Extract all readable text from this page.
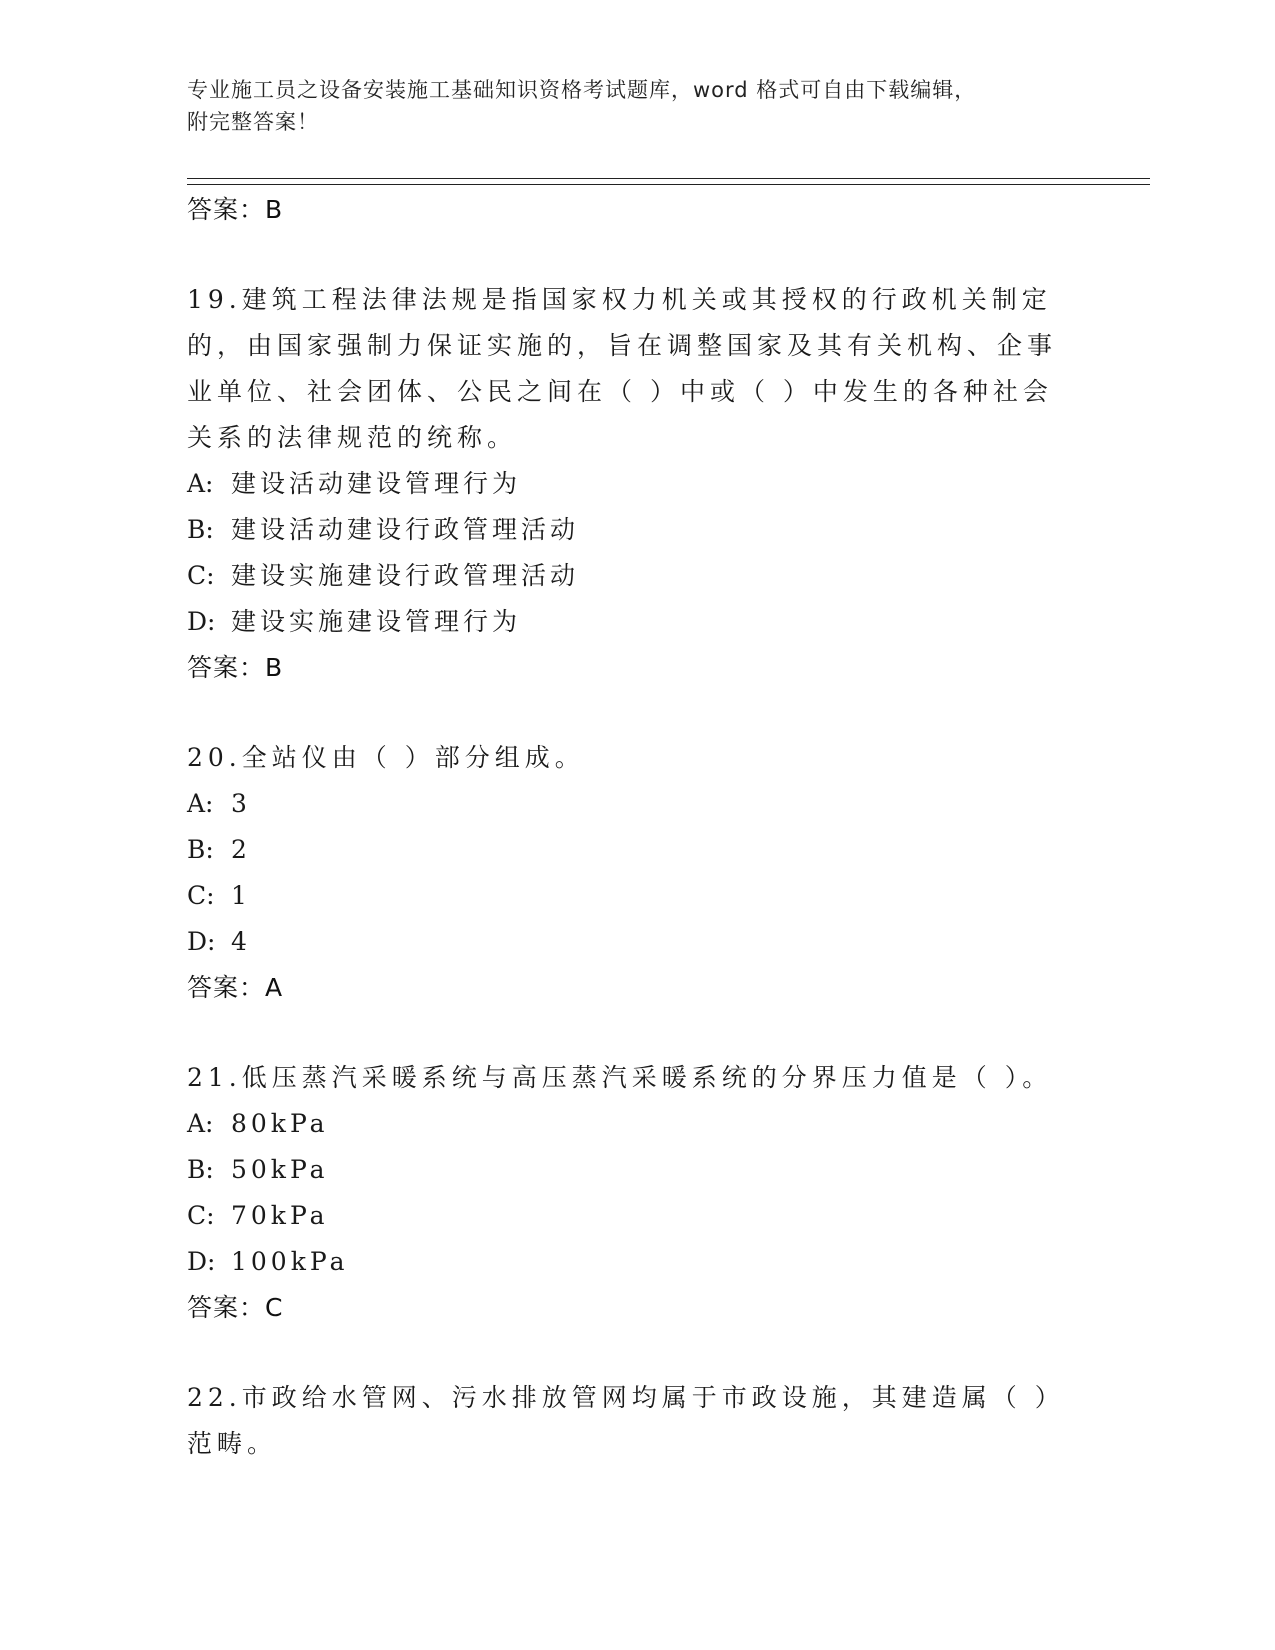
专业施工员之设备安装施工基础知识资格考试题库，word 格式可自由下载编辑，
附完整答案！
答案：B
19.建筑工程法律法规是指国家权力机关或其授权的行政机关制定的，由国家强制力保证实施的，旨在调整国家及其有关机构、企事业单位、社会团体、公民之间在（ ）中或（ ）中发生的各种社会关系的法律规范的统称。
A: 建设活动建设管理行为
B: 建设活动建设行政管理活动
C: 建设实施建设行政管理活动
D: 建设实施建设管理行为
答案：B
20.全站仪由（ ）部分组成。
A: 3
B: 2
C: 1
D: 4
答案：A
21.低压蒸汽采暖系统与高压蒸汽采暖系统的分界压力值是（ ）。
A: 80kPa
B: 50kPa
C: 70kPa
D: 100kPa
答案：C
22.市政给水管网、污水排放管网均属于市政设施，其建造属（ ）范畴。
